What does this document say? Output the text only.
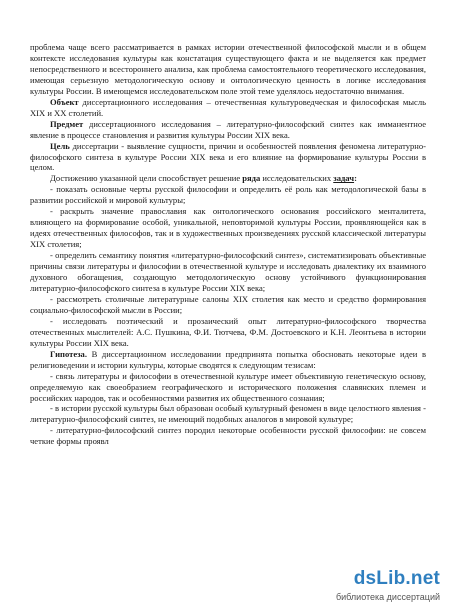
проблема чаще всего рассматривается в рамках истории отечественной философской мысли и в общем контексте исследования культуры как констатация существующего факта и не выделяется как предмет непосредственного и всестороннего анализа, как проблема самостоятельного теоретического исследования, имеющая серьезную методологическую основу и онтологическую ценность в логике исследования культуры России. В имеющемся исследовательском поле этой теме уделялось недостаточно внимания.

Объект диссертационного исследования – отечественная культуроведческая и философская мысль XIX и XX столетий.

Предмет диссертационного исследования – литературно-философский синтез как имманентное явление в процессе становления и развития культуры России XIX века.

Цель диссертации - выявление сущности, причин и особенностей появления феномена литературно-философского синтеза в культуре России XIX века и его влияние на формирование культуры России в целом.

Достижению указанной цели способствует решение ряда исследовательских задач:

- показать основные черты русской философии и определить её роль как методологической базы в развитии российской и мировой культуры;

- раскрыть значение православия как онтологического основания российского менталитета, влияющего на формирование особой, уникальной, неповторимой культуры России, проявляющейся как в идеях отечественных философов, так и в художественных произведениях русской классической литературы XIX столетия;

- определить семантику понятия «литературно-философский синтез», систематизировать объективные причины связи литературы и философии в отечественной культуре и исследовать диалектику их взаимного духовного обогащения, создающую методологическую основу устойчивого функционирования литературно-философского синтеза в культуре России XIX века;

- рассмотреть столичные литературные салоны XIX столетия как место и средство формирования социально-философской мысли в России;

- исследовать поэтический и прозаический опыт литературно-философского творчества отечественных мыслителей: А.С. Пушкина, Ф.И. Тютчева, Ф.М. Достоевского и К.Н. Леонтьева в истории культуры России XIX века.

Гипотеза. В диссертационном исследовании предпринята попытка обосновать некоторые идеи в религиоведении и истории культуры, которые сводятся к следующим тезисам:

- связь литературы и философии в отечественной культуре имеет объективную генетическую основу, определяемую как своеобразием географического и исторического положения славянских племен и российских народов, так и особенностями развития их общественного сознания;

- в истории русской культуры был образован особый культурный феномен в виде целостного явления - литературно-философский синтез, не имеющий подобных аналогов в мировой культуре;

- литературно-философский синтез породил некоторые особенности русской философии: не совсем четкие формы проявл

dsLib.net
библиотека диссертаций
